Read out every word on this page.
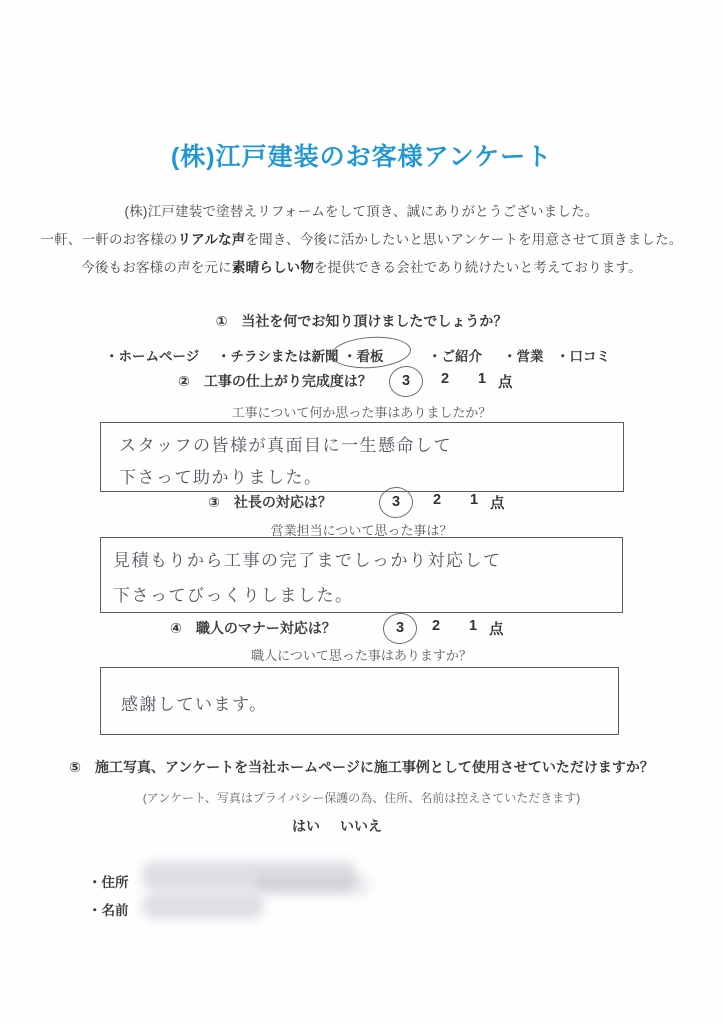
(株)江戸建装のお客様アンケート
(株)江戸建装で塗替えリフォームをして頂き、誠にありがとうございました。
一軒、一軒のお客様のリアルな声を聞き、今後に活かしたいと思いアンケートを用意させて頂きました。
今後もお客様の声を元に素晴らしい物を提供できる会社であり続けたいと考えております。
① 当社を何でお知り頂けましたでしょうか？
・ホームページ ・チラシまたは新聞 ・看板	・ご紹介 ・営業 ・口コミ
② 工事の仕上がり完成度は？	3	2 1 点
工事について何か思った事はありましたか？
スタッフの皆様が真面目に一生懸命して
下さって助かりました。
③ 社長の対応は？	3	2 1 点
営業担当について思った事は？
見積もりから工事の完了までしっかり対応して
下さってびっくりしました。
④ 職人のマナー対応は？	3	2 1 点
職人について思った事はありますか？
感謝しています。
⑤ 施工写真、アンケートを当社ホームページに施工事例として使用させていただけますか？
(アンケート、写真はプライバシー保護の為、住所、名前は控えさていただきます)
はい いいえ
・住所
・名前
